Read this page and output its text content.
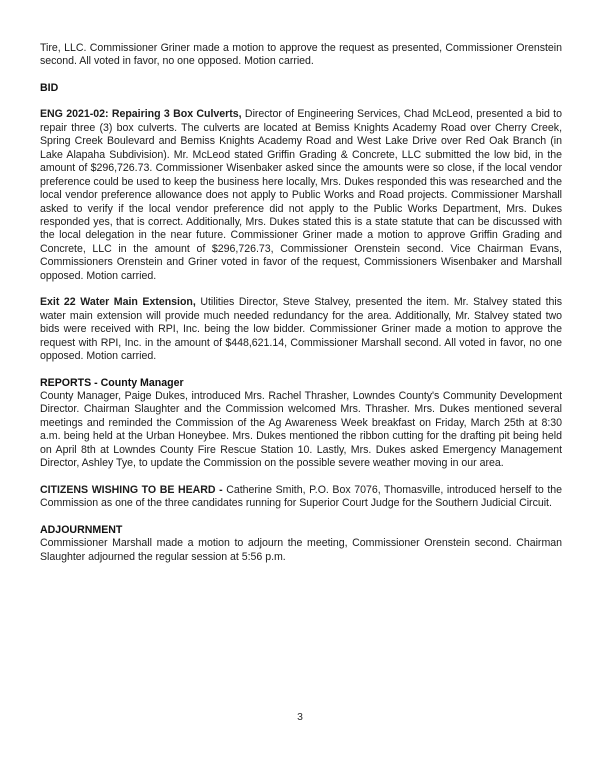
Tire, LLC. Commissioner Griner made a motion to approve the request as presented, Commissioner Orenstein second. All voted in favor, no one opposed. Motion carried.

BID

ENG 2021-02: Repairing 3 Box Culverts, Director of Engineering Services, Chad McLeod, presented a bid to repair three (3) box culverts. The culverts are located at Bemiss Knights Academy Road over Cherry Creek, Spring Creek Boulevard and Bemiss Knights Academy Road and West Lake Drive over Red Oak Branch (in Lake Alapaha Subdivision). Mr. McLeod stated Griffin Grading & Concrete, LLC submitted the low bid, in the amount of $296,726.73. Commissioner Wisenbaker asked since the amounts were so close, if the local vendor preference could be used to keep the business here locally, Mrs. Dukes responded this was researched and the local vendor preference allowance does not apply to Public Works and Road projects. Commissioner Marshall asked to verify if the local vendor preference did not apply to the Public Works Department, Mrs. Dukes responded yes, that is correct. Additionally, Mrs. Dukes stated this is a state statute that can be discussed with the local delegation in the near future. Commissioner Griner made a motion to approve Griffin Grading and Concrete, LLC in the amount of $296,726.73, Commissioner Orenstein second. Vice Chairman Evans, Commissioners Orenstein and Griner voted in favor of the request, Commissioners Wisenbaker and Marshall opposed. Motion carried.

Exit 22 Water Main Extension, Utilities Director, Steve Stalvey, presented the item. Mr. Stalvey stated this water main extension will provide much needed redundancy for the area. Additionally, Mr. Stalvey stated two bids were received with RPI, Inc. being the low bidder. Commissioner Griner made a motion to approve the request with RPI, Inc. in the amount of $448,621.14, Commissioner Marshall second. All voted in favor, no one opposed. Motion carried.

REPORTS - County Manager

County Manager, Paige Dukes, introduced Mrs. Rachel Thrasher, Lowndes County's Community Development Director. Chairman Slaughter and the Commission welcomed Mrs. Thrasher. Mrs. Dukes mentioned several meetings and reminded the Commission of the Ag Awareness Week breakfast on Friday, March 25th at 8:30 a.m. being held at the Urban Honeybee. Mrs. Dukes mentioned the ribbon cutting for the drafting pit being held on April 8th at Lowndes County Fire Rescue Station 10. Lastly, Mrs. Dukes asked Emergency Management Director, Ashley Tye, to update the Commission on the possible severe weather moving in our area.

CITIZENS WISHING TO BE HEARD - Catherine Smith, P.O. Box 7076, Thomasville, introduced herself to the Commission as one of the three candidates running for Superior Court Judge for the Southern Judicial Circuit.

ADJOURNMENT

Commissioner Marshall made a motion to adjourn the meeting, Commissioner Orenstein second. Chairman Slaughter adjourned the regular session at 5:56 p.m.

3
